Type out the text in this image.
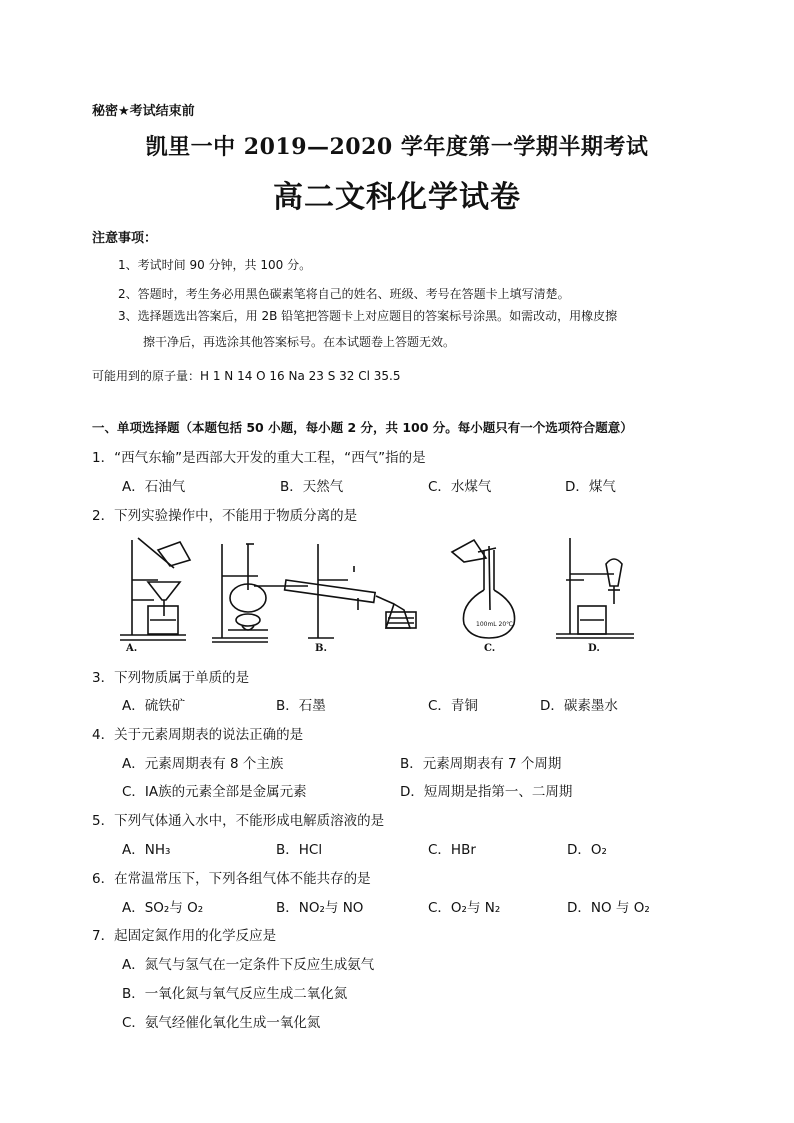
秘密★考试结束前
凯里一中 2019—2020 学年度第一学期半期考试
高二文科化学试卷
注意事项：
1、考试时间 90 分钟，共 100 分。
2、答题时，考生务必用黑色碳素笔将自己的姓名、班级、考号在答题卡上填写清楚。
3、选择题选出答案后，用 2B 铅笔把答题卡上对应题目的答案标号涂黑。如需改动，用橡皮擦
擦干净后，再选涂其他答案标号。在本试题卷上答题无效。
可能用到的原子量：H 1 N 14 O 16 Na 23 S 32 Cl 35.5
一、单项选择题（本题包括 50 小题，每小题 2 分，共 100 分。每小题只有一个选项符合题意）
1．“西气东输”是西部大开发的重大工程，“西气”指的是
A．石油气	B．天然气	C．水煤气	D．煤气
2．下列实验操作中，不能用于物质分离的是
A.	B.
100mL 20℃
C.	D.
3．下列物质属于单质的是
A．硫铁矿	B．石墨	C．青铜	D．碳素墨水
4．关于元素周期表的说法正确的是
A．元素周期表有 8 个主族	B．元素周期表有 7 个周期
C．ⅠA族的元素全部是金属元素	D．短周期是指第一、二周期
5．下列气体通入水中，不能形成电解质溶液的是
A．NH₃	B．HCl	C．HBr	D．O₂
6．在常温常压下，下列各组气体不能共存的是
A．SO₂与 O₂	B．NO₂与 NO	C．O₂与 N₂	D．NO 与 O₂
7．起固定氮作用的化学反应是
A．氮气与氢气在一定条件下反应生成氨气
B．一氧化氮与氧气反应生成二氧化氮
C．氨气经催化氧化生成一氧化氮
